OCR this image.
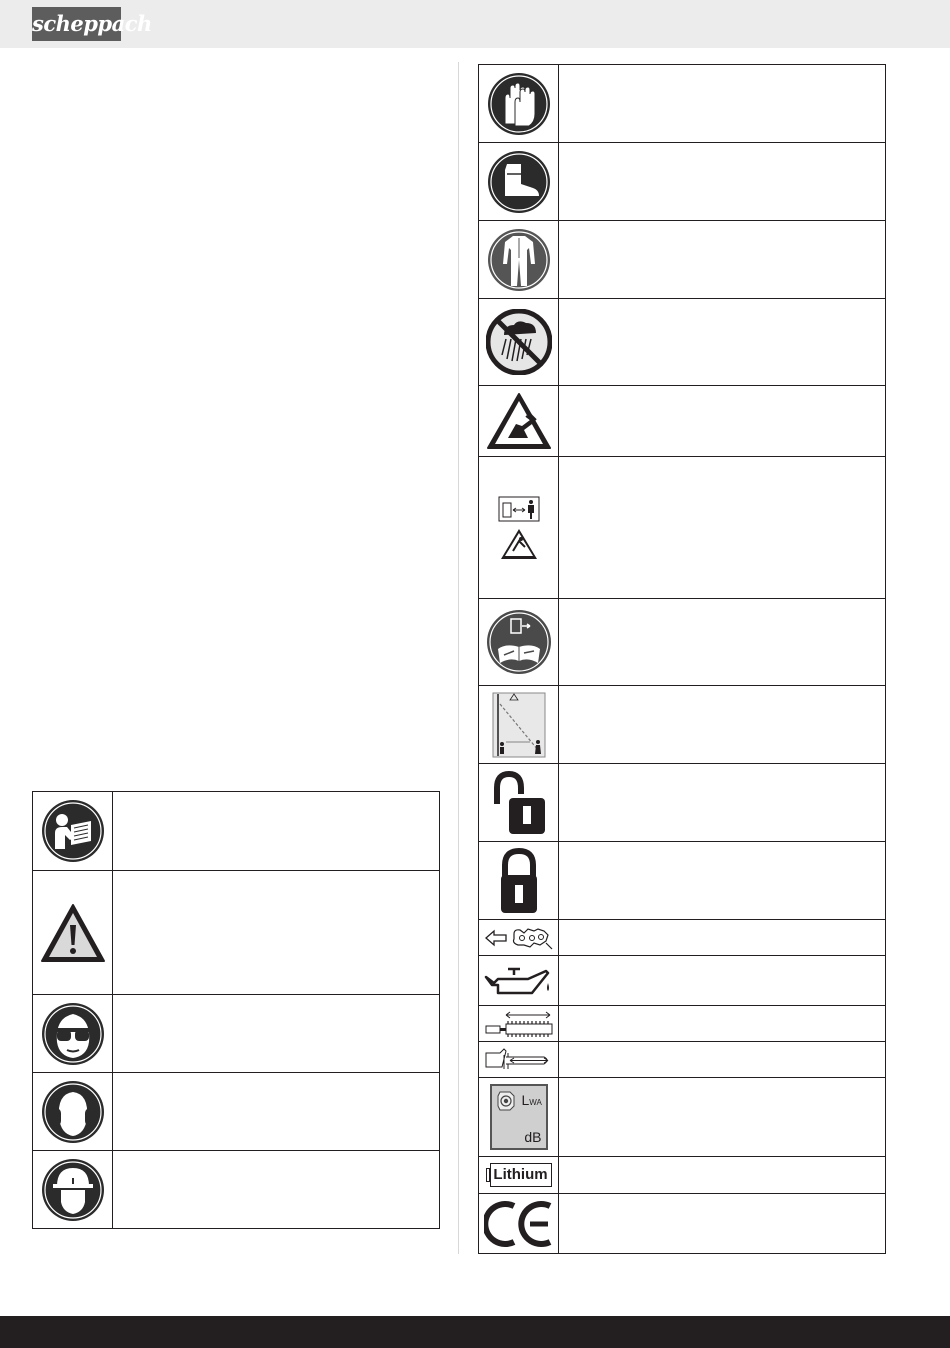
scheppach

LWA
dB	

Lithium	
